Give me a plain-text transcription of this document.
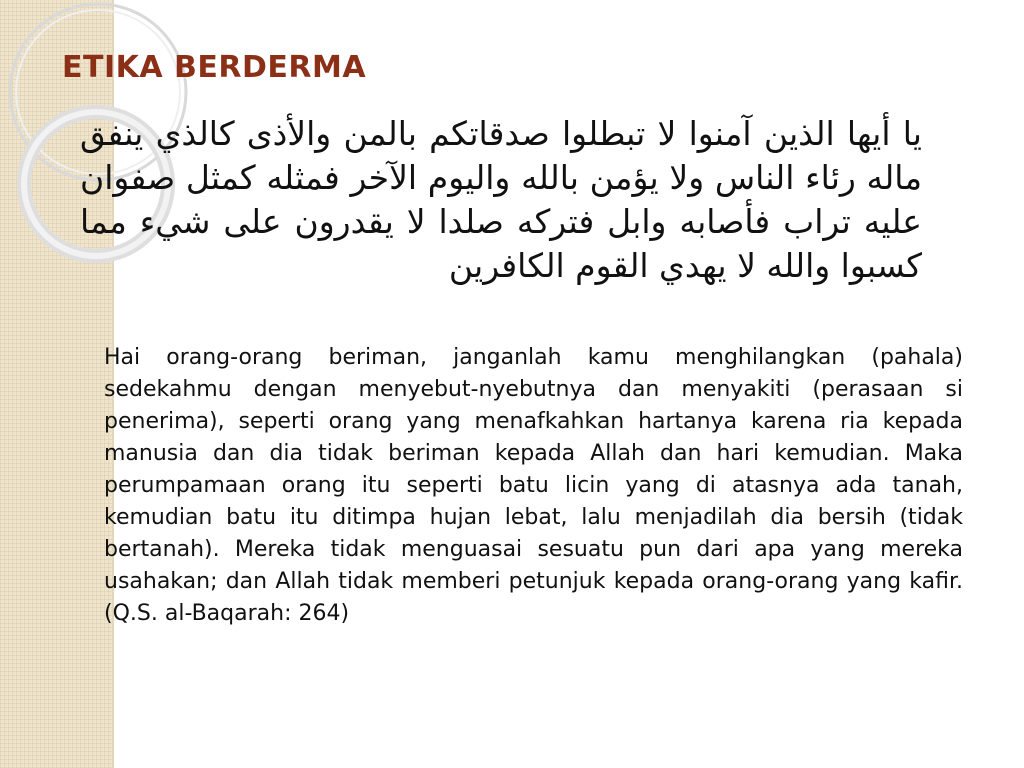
ETIKA BERDERMA
يا أيها الذين آمنوا لا تبطلوا صدقاتكم بالمن والأذى كالذي ينفق ماله رئاء الناس ولا يؤمن بالله واليوم الآخر فمثله كمثل صفوان عليه تراب فأصابه وابل فتركه صلدا لا يقدرون على شيء مما كسبوا والله لا يهدي القوم الكافرين
Hai orang-orang beriman, janganlah kamu menghilangkan (pahala) sedekahmu dengan menyebut-nyebutnya dan menyakiti (perasaan si penerima), seperti orang yang menafkahkan hartanya karena ria kepada manusia dan dia tidak beriman kepada Allah dan hari kemudian. Maka perumpamaan orang itu seperti batu licin yang di atasnya ada tanah, kemudian batu itu ditimpa hujan lebat, lalu menjadilah dia bersih (tidak bertanah). Mereka tidak menguasai sesuatu pun dari apa yang mereka usahakan; dan Allah tidak memberi petunjuk kepada orang-orang yang kafir. (Q.S. al-Baqarah: 264)
